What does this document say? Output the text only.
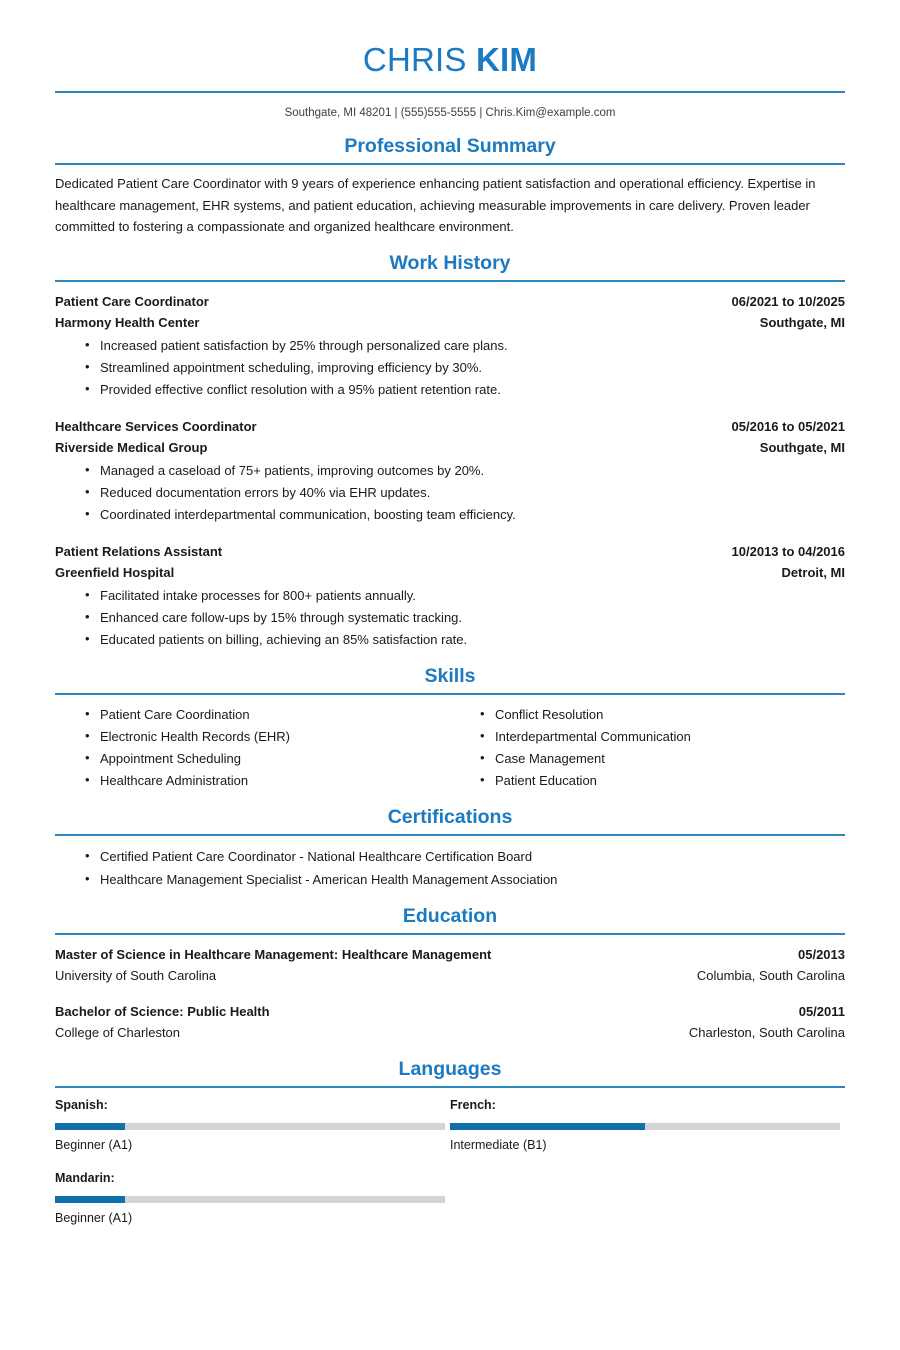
CHRIS KIM
Southgate, MI 48201 | (555)555-5555 | Chris.Kim@example.com
Professional Summary
Dedicated Patient Care Coordinator with 9 years of experience enhancing patient satisfaction and operational efficiency. Expertise in healthcare management, EHR systems, and patient education, achieving measurable improvements in care delivery. Proven leader committed to fostering a compassionate and organized healthcare environment.
Work History
Patient Care Coordinator	06/2021 to 10/2025
Harmony Health Center	Southgate, MI
• Increased patient satisfaction by 25% through personalized care plans.
• Streamlined appointment scheduling, improving efficiency by 30%.
• Provided effective conflict resolution with a 95% patient retention rate.
Healthcare Services Coordinator	05/2016 to 05/2021
Riverside Medical Group	Southgate, MI
• Managed a caseload of 75+ patients, improving outcomes by 20%.
• Reduced documentation errors by 40% via EHR updates.
• Coordinated interdepartmental communication, boosting team efficiency.
Patient Relations Assistant	10/2013 to 04/2016
Greenfield Hospital	Detroit, MI
• Facilitated intake processes for 800+ patients annually.
• Enhanced care follow-ups by 15% through systematic tracking.
• Educated patients on billing, achieving an 85% satisfaction rate.
Skills
• Patient Care Coordination
• Electronic Health Records (EHR)
• Appointment Scheduling
• Healthcare Administration
• Conflict Resolution
• Interdepartmental Communication
• Case Management
• Patient Education
Certifications
• Certified Patient Care Coordinator - National Healthcare Certification Board
• Healthcare Management Specialist - American Health Management Association
Education
Master of Science in Healthcare Management: Healthcare Management	05/2013
University of South Carolina	Columbia, South Carolina
Bachelor of Science: Public Health	05/2011
College of Charleston	Charleston, South Carolina
Languages
Spanish:
Beginner (A1)
French:
Intermediate (B1)
Mandarin:
Beginner (A1)
